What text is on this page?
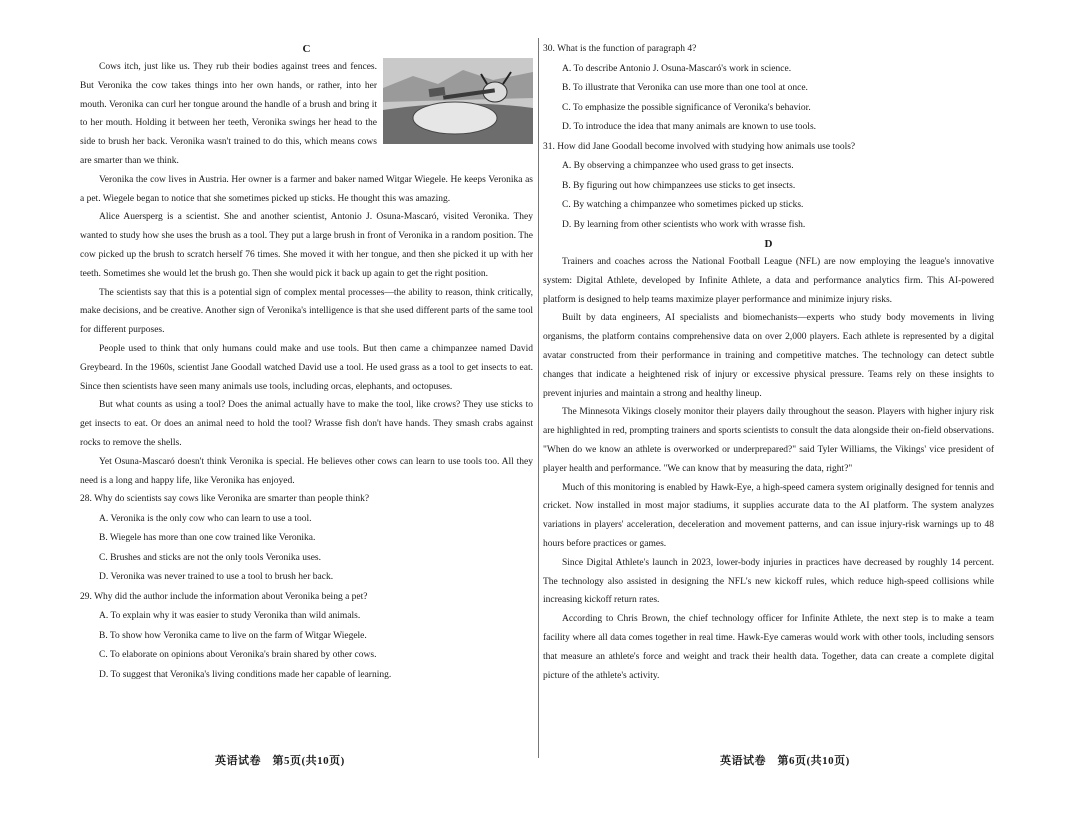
C

Cows itch, just like us. They rub their bodies against trees and fences. But Veronika the cow takes things into her own hands, or rather, into her mouth. Veronika can curl her tongue around the handle of a brush and bring it to her mouth. Holding it between her teeth, Veronika swings her head to the side to brush her back. Veronika wasn't trained to do this, which means cows are smarter than we think.

Veronika the cow lives in Austria. Her owner is a farmer and baker named Witgar Wiegele. He keeps Veronika as a pet. Wiegele began to notice that she sometimes picked up sticks. He thought this was amazing.

Alice Auersperg is a scientist. She and another scientist, Antonio J. Osuna-Mascaró, visited Veronika. They wanted to study how she uses the brush as a tool. They put a large brush in front of Veronika in a random position. The cow picked up the brush to scratch herself 76 times. She moved it with her tongue, and then she picked it up with her teeth. Sometimes she would let the brush go. Then she would pick it back up again to get the right position.

The scientists say that this is a potential sign of complex mental processes—the ability to reason, think critically, make decisions, and be creative. Another sign of Veronika's intelligence is that she used different parts of the same tool for different purposes.

People used to think that only humans could make and use tools. But then came a chimpanzee named David Greybeard. In the 1960s, scientist Jane Goodall watched David use a tool. He used grass as a tool to get insects to eat. Since then scientists have seen many animals use tools, including orcas, elephants, and octopuses.

But what counts as using a tool? Does the animal actually have to make the tool, like crows? They use sticks to get insects to eat. Or does an animal need to hold the tool? Wrasse fish don't have hands. They smash crabs against rocks to remove the shells.

Yet Osuna-Mascaró doesn't think Veronika is special. He believes other cows can learn to use tools too. All they need is a long and happy life, like Veronika has enjoyed.

28. Why do scientists say cows like Veronika are smarter than people think?
A. Veronika is the only cow who can learn to use a tool.
B. Wiegele has more than one cow trained like Veronika.
C. Brushes and sticks are not the only tools Veronika uses.
D. Veronika was never trained to use a tool to brush her back.
29. Why did the author include the information about Veronika being a pet?
A. To explain why it was easier to study Veronika than wild animals.
B. To show how Veronika came to live on the farm of Witgar Wiegele.
C. To elaborate on opinions about Veronika's brain shared by other cows.
D. To suggest that Veronika's living conditions made her capable of learning.
30. What is the function of paragraph 4?
A. To describe Antonio J. Osuna-Mascaró's work in science.
B. To illustrate that Veronika can use more than one tool at once.
C. To emphasize the possible significance of Veronika's behavior.
D. To introduce the idea that many animals are known to use tools.
31. How did Jane Goodall become involved with studying how animals use tools?
A. By observing a chimpanzee who used grass to get insects.
B. By figuring out how chimpanzees use sticks to get insects.
C. By watching a chimpanzee who sometimes picked up sticks.
D. By learning from other scientists who work with wrasse fish.
D

Trainers and coaches across the National Football League (NFL) are now employing the league's innovative system: Digital Athlete, developed by Infinite Athlete, a data and performance analytics firm. This AI-powered platform is designed to help teams maximize player performance and minimize injury risks.

Built by data engineers, AI specialists and biomechanists—experts who study body movements in living organisms, the platform contains comprehensive data on over 2,000 players. Each athlete is represented by a digital avatar constructed from their performance in training and competitive matches. The technology can detect subtle changes that indicate a heightened risk of injury or excessive physical pressure. Teams rely on these insights to prevent injuries and maintain a strong and healthy lineup.

The Minnesota Vikings closely monitor their players daily throughout the season. Players with higher injury risk are highlighted in red, prompting trainers and sports scientists to consult the data alongside their on-field observations. "When do we know an athlete is overworked or underprepared?" said Tyler Williams, the Vikings' vice president of player health and performance. "We can know that by measuring the data, right?"

Much of this monitoring is enabled by Hawk-Eye, a high-speed camera system originally designed for tennis and cricket. Now installed in most major stadiums, it supplies accurate data to the AI platform. The system analyzes variations in players' acceleration, deceleration and movement patterns, and can issue injury-risk warnings up to 48 hours before practices or games.

Since Digital Athlete's launch in 2023, lower-body injuries in practices have decreased by roughly 14 percent. The technology also assisted in designing the NFL's new kickoff rules, which reduce high-speed collisions while increasing kickoff return rates.

According to Chris Brown, the chief technology officer for Infinite Athlete, the next step is to make a team facility where all data comes together in real time. Hawk-Eye cameras would work with other tools, including sensors that measure an athlete's force and weight and track their health data. Together, data can create a complete digital picture of the athlete's activity.

英语试卷　第5页(共10页)	英语试卷　第6页(共10页)
